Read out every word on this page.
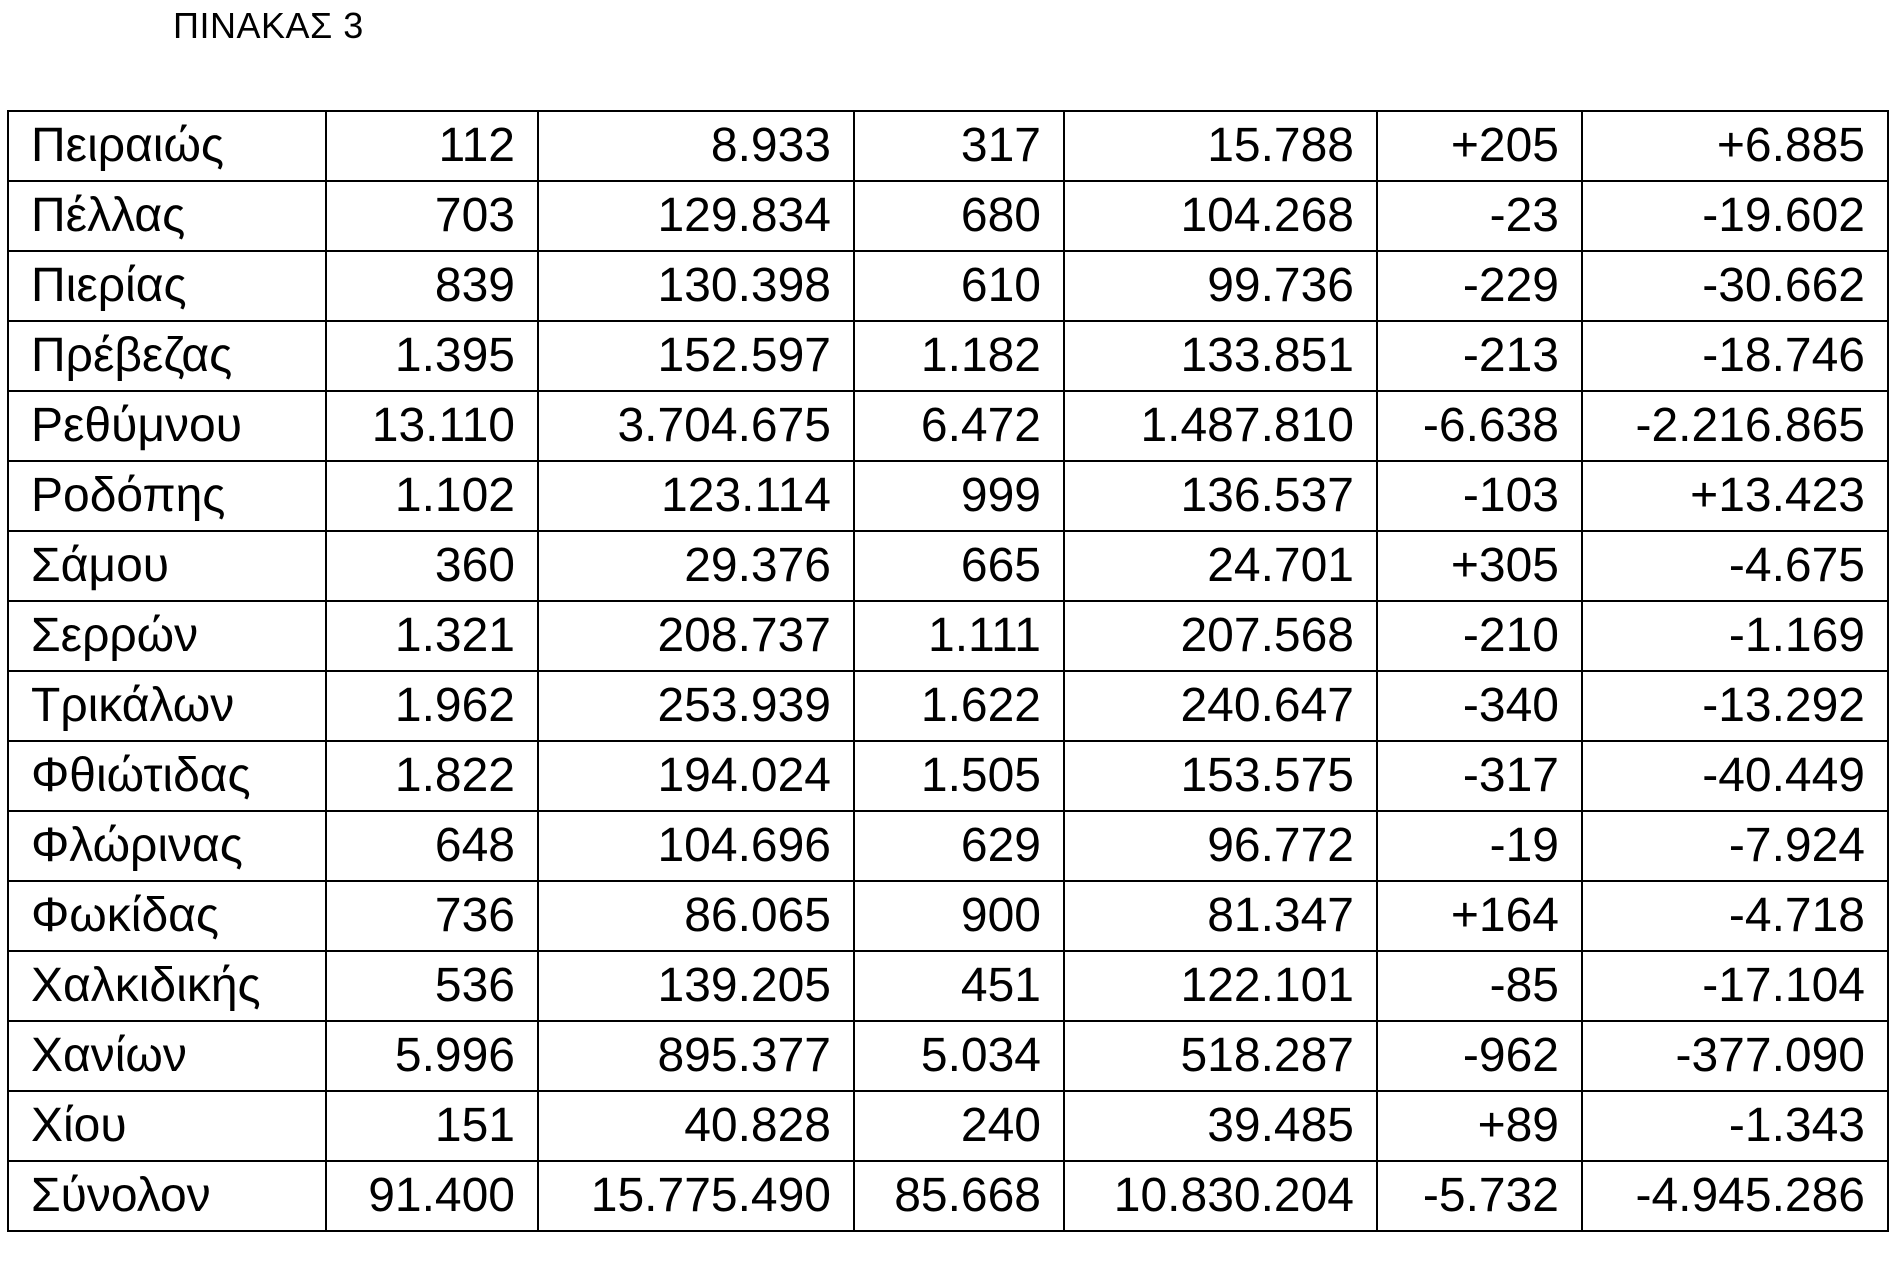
ΠΙΝΑΚΑΣ 3
Πειραιώς	112	8.933	317	15.788	+205	+6.885
Πέλλας	703	129.834	680	104.268	-23	-19.602
Πιερίας	839	130.398	610	99.736	-229	-30.662
Πρέβεζας	1.395	152.597	1.182	133.851	-213	-18.746
Ρεθύμνου	13.110	3.704.675	6.472	1.487.810	-6.638	-2.216.865
Ροδόπης	1.102	123.114	999	136.537	-103	+13.423
Σάμου	360	29.376	665	24.701	+305	-4.675
Σερρών	1.321	208.737	1.111	207.568	-210	-1.169
Τρικάλων	1.962	253.939	1.622	240.647	-340	-13.292
Φθιώτιδας	1.822	194.024	1.505	153.575	-317	-40.449
Φλώρινας	648	104.696	629	96.772	-19	-7.924
Φωκίδας	736	86.065	900	81.347	+164	-4.718
Χαλκιδικής	536	139.205	451	122.101	-85	-17.104
Χανίων	5.996	895.377	5.034	518.287	-962	-377.090
Χίου	151	40.828	240	39.485	+89	-1.343
Σύνολον	91.400	15.775.490	85.668	10.830.204	-5.732	-4.945.286
